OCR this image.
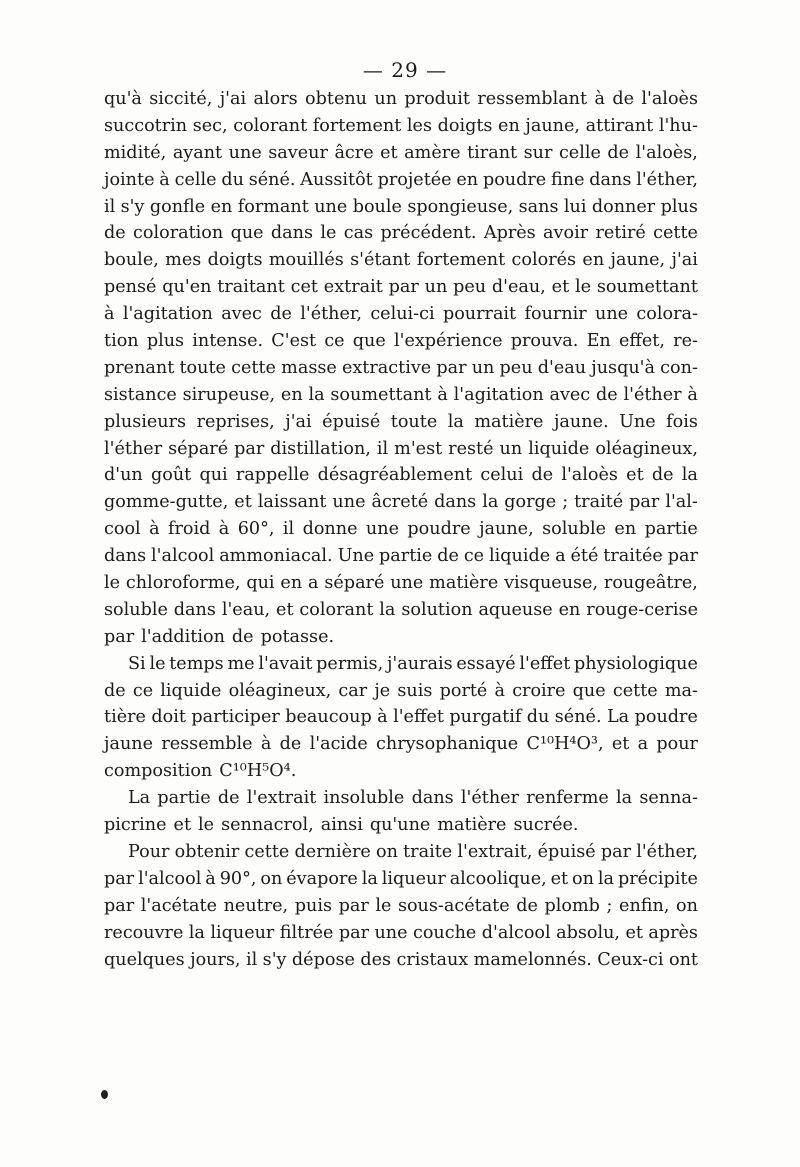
— 29 —
qu'à siccité, j'ai alors obtenu un produit ressemblant à de l'aloès
succotrin sec, colorant fortement les doigts en jaune, attirant l'hu-
midité, ayant une saveur âcre et amère tirant sur celle de l'aloès,
jointe à celle du séné. Aussitôt projetée en poudre fine dans l'éther,
il s'y gonfle en formant une boule spongieuse, sans lui donner plus
de coloration que dans le cas précédent. Après avoir retiré cette
boule, mes doigts mouillés s'étant fortement colorés en jaune, j'ai
pensé qu'en traitant cet extrait par un peu d'eau, et le soumettant
à l'agitation avec de l'éther, celui-ci pourrait fournir une colora-
tion plus intense. C'est ce que l'expérience prouva. En effet, re-
prenant toute cette masse extractive par un peu d'eau jusqu'à con-
sistance sirupeuse, en la soumettant à l'agitation avec de l'éther à
plusieurs reprises, j'ai épuisé toute la matière jaune. Une fois
l'éther séparé par distillation, il m'est resté un liquide oléagineux,
d'un goût qui rappelle désagréablement celui de l'aloès et de la
gomme-gutte, et laissant une âcreté dans la gorge ; traité par l'al-
cool à froid à 60°, il donne une poudre jaune, soluble en partie
dans l'alcool ammoniacal. Une partie de ce liquide a été traitée par
le chloroforme, qui en a séparé une matière visqueuse, rougeâtre,
soluble dans l'eau, et colorant la solution aqueuse en rouge-cerise
par l'addition de potasse.
Si le temps me l'avait permis, j'aurais essayé l'effet physiologique
de ce liquide oléagineux, car je suis porté à croire que cette ma-
tière doit participer beaucoup à l'effet purgatif du séné. La poudre
jaune ressemble à de l'acide chrysophanique C¹⁰H⁴O³, et a pour
composition C¹⁰H⁵O⁴.
La partie de l'extrait insoluble dans l'éther renferme la senna-
picrine et le sennacrol, ainsi qu'une matière sucrée.
Pour obtenir cette dernière on traite l'extrait, épuisé par l'éther,
par l'alcool à 90°, on évapore la liqueur alcoolique, et on la précipite
par l'acétate neutre, puis par le sous-acétate de plomb ; enfin, on
recouvre la liqueur filtrée par une couche d'alcool absolu, et après
quelques jours, il s'y dépose des cristaux mamelonnés. Ceux-ci ont
